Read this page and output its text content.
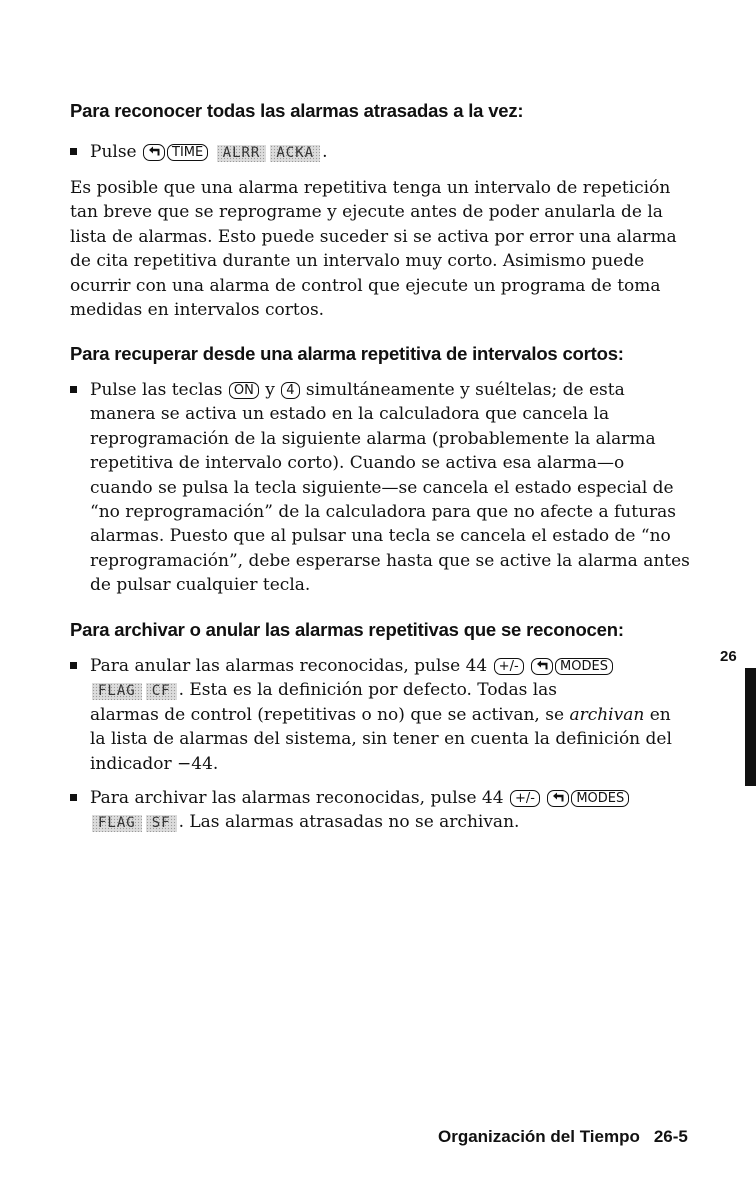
Para reconocer todas las alarmas atrasadas a la vez:
Pulse	TIME ALRR ACKA .
Es posible que una alarma repetitiva tenga un intervalo de repetición
tan breve que se reprograme y ejecute antes de poder anularla de la
lista de alarmas. Esto puede suceder si se activa por error una alarma
de cita repetitiva durante un intervalo muy corto. Asimismo puede
ocurrir con una alarma de control que ejecute un programa de toma
medidas en intervalos cortos.
Para recuperar desde una alarma repetitiva de intervalos cortos:
Pulse las teclas ON y 4 simultáneamente y suéltelas; de esta
manera se activa un estado en la calculadora que cancela la
reprogramación de la siguiente alarma (probablemente la alarma
repetitiva de intervalo corto). Cuando se activa esa alarma—o
cuando se pulsa la tecla siguiente—se cancela el estado especial de
“no reprogramación” de la calculadora para que no afecte a futuras
alarmas. Puesto que al pulsar una tecla se cancela el estado de “no
reprogramación”, debe esperarse hasta que se active la alarma antes
de pulsar cualquier tecla.
Para archivar o anular las alarmas repetitivas que se reconocen:
Para anular las alarmas reconocidas, pulse 44 +/-	MODES
FLAG CF . Esta es la definición por defecto. Todas las
alarmas de control (repetitivas o no) que se activan, se archivan en
la lista de alarmas del sistema, sin tener en cuenta la definición del
indicador −44.
Para archivar las alarmas reconocidas, pulse 44 +/-	MODES
FLAG SF . Las alarmas atrasadas no se archivan.
26
Organización del Tiempo 26-5
